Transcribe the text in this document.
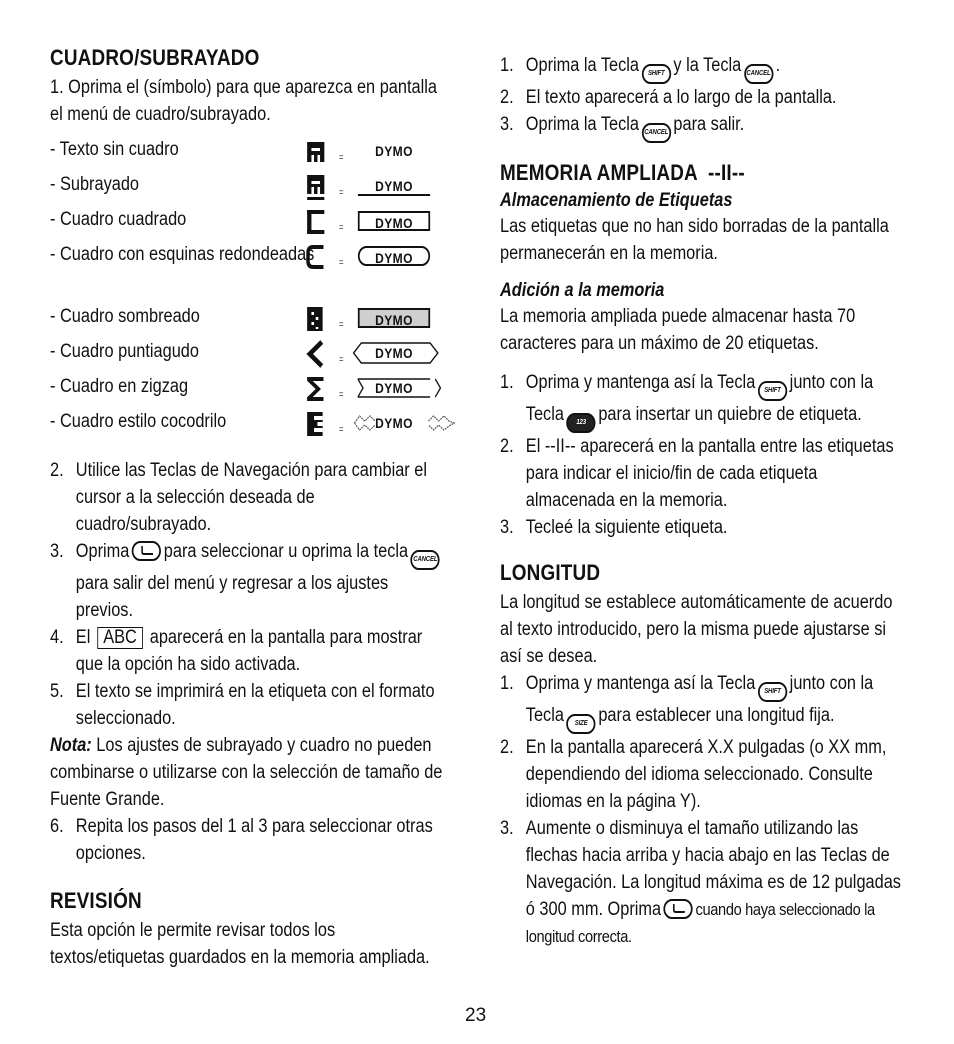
CUADRO/SUBRAYADO

1. Oprima el (símbolo) para que aparezca en pantalla el menú de cuadro/subrayado.

- Texto sin cuadro	=	DYMO
- Subrayado	=	DYMO
- Cuadro cuadrado	=	DYMO
- Cuadro con esquinas redondeadas	=	DYMO
- Cuadro sombreado	=	DYMO
- Cuadro puntiagudo	=	DYMO
- Cuadro en zigzag	=	DYMO
- Cuadro estilo cocodrilo	=	DYMO
2. Utilice las Teclas de Navegación para cambiar el cursor a la selección deseada de cuadro/subrayado.
3. Oprima para seleccionar u oprima la tecla CANCELpara salir del menú y regresar a los ajustes previos.
4. El ABC aparecerá en la pantalla para mostrar que la opción ha sido activada.
5. El texto se imprimirá en la etiqueta con el formato seleccionado.

Nota: Los ajustes de subrayado y cuadro no pueden combinarse o utilizarse con la selección de tamaño de Fuente Grande.

6. Repita los pasos del 1 al 3 para seleccionar otras opciones.
REVISIÓN

Esta opción le permite revisar todos los textos/etiquetas guardados en la memoria ampliada.

1. Oprima la Tecla SHIFT y la Tecla CANCEL .
2. El texto aparecerá a lo largo de la pantalla.
3. Oprima la Tecla CANCEL para salir.
MEMORIA AMPLIADA  --II--
Almacenamiento de Etiquetas

Las etiquetas que no han sido borradas de la pantalla permanecerán en la memoria.

Adición a la memoria

La memoria ampliada puede almacenar hasta 70 caracteres para un máximo de 20 etiquetas.

1. Oprima y mantenga así la Tecla SHIFT junto con la Tecla 123 para insertar un quiebre de etiqueta.
2. El --II-- aparecerá en la pantalla entre las etiquetas para indicar el inicio/fin de cada etiqueta almacenada en la memoria.
3. Tecleé la siguiente etiqueta.
LONGITUD

La longitud se establece automáticamente de acuerdo al texto introducido, pero la misma puede ajustarse si así se desea.

1. Oprima y mantenga así la Tecla SHIFT junto con la Tecla SIZE para establecer una longitud fija.
2. En la pantalla aparecerá X.X pulgadas (o XX mm, dependiendo del idioma seleccionado. Consulte idiomas en la página Y).
3. Aumente o disminuya el tamaño utilizando las flechas hacia arriba y hacia abajo en las Teclas de Navegación. La longitud máxima es de 12 pulgadas ó 300 mm. Oprima cuando haya seleccionado la longitud correcta.
23
